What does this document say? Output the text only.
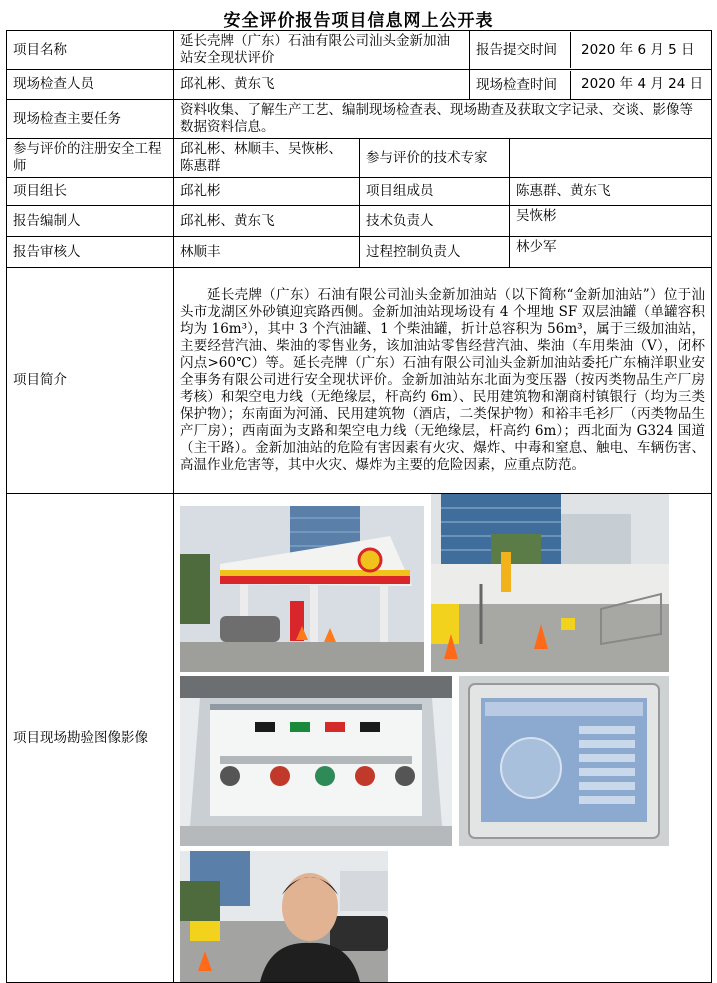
安全评价报告项目信息网上公开表
项目名称	延长壳牌（广东）石油有限公司汕头金新加油站安全现状评价		报告提交时间 2020 年 6 月 5 日	

现场检查人员	邱礼彬、黄东飞		现场检查时间 2020 年 4 月 24 日	

现场检查主要任务	资料收集、了解生产工艺、编制现场检查表、现场勘查及获取文字记录、交谈、影像等数据资料信息。			
参与评价的注册安全工程师	邱礼彬、林顺丰、吴恢彬、陈惠群	参与评价的技术专家		
项目组长	邱礼彬	项目组成员		陈惠群、黄东飞
报告编制人	邱礼彬、黄东飞	技术负责人		吴恢彬
报告审核人	林顺丰	过程控制负责人		林少军
项目简介	延长壳牌（广东）石油有限公司汕头金新加油站（以下简称“金新加油站”）位于汕头市龙湖区外砂镇迎宾路西侧。金新加油站现场设有 4 个埋地 SF 双层油罐（单罐容积均为 16m³），其中 3 个汽油罐、1 个柴油罐，折计总容积为 56m³，属于三级加油站，主要经营汽油、柴油的零售业务，该加油站零售经营汽油、柴油（车用柴油（V），闭杯闪点>60℃）等。延长壳牌（广东）石油有限公司汕头金新加油站委托广东楠洋职业安全事务有限公司进行安全现状评价。金新加油站东北面为变压器（按丙类物品生产厂房考核）和架空电力线（无绝缘层，杆高约 6m）、民用建筑物和潮商村镇银行（均为三类保护物）；东南面为河涌、民用建筑物（酒店，二类保护物）和裕丰毛衫厂（丙类物品生产厂房）；西南面为支路和架空电力线（无绝缘层，杆高约 6m）；西北面为 G324 国道（主干路）。金新加油站的危险有害因素有火灾、爆炸、中毒和窒息、触电、车辆伤害、高温作业危害等，其中火灾、爆炸为主要的危险因素，应重点防范。			
项目现场勘验图像影像	
